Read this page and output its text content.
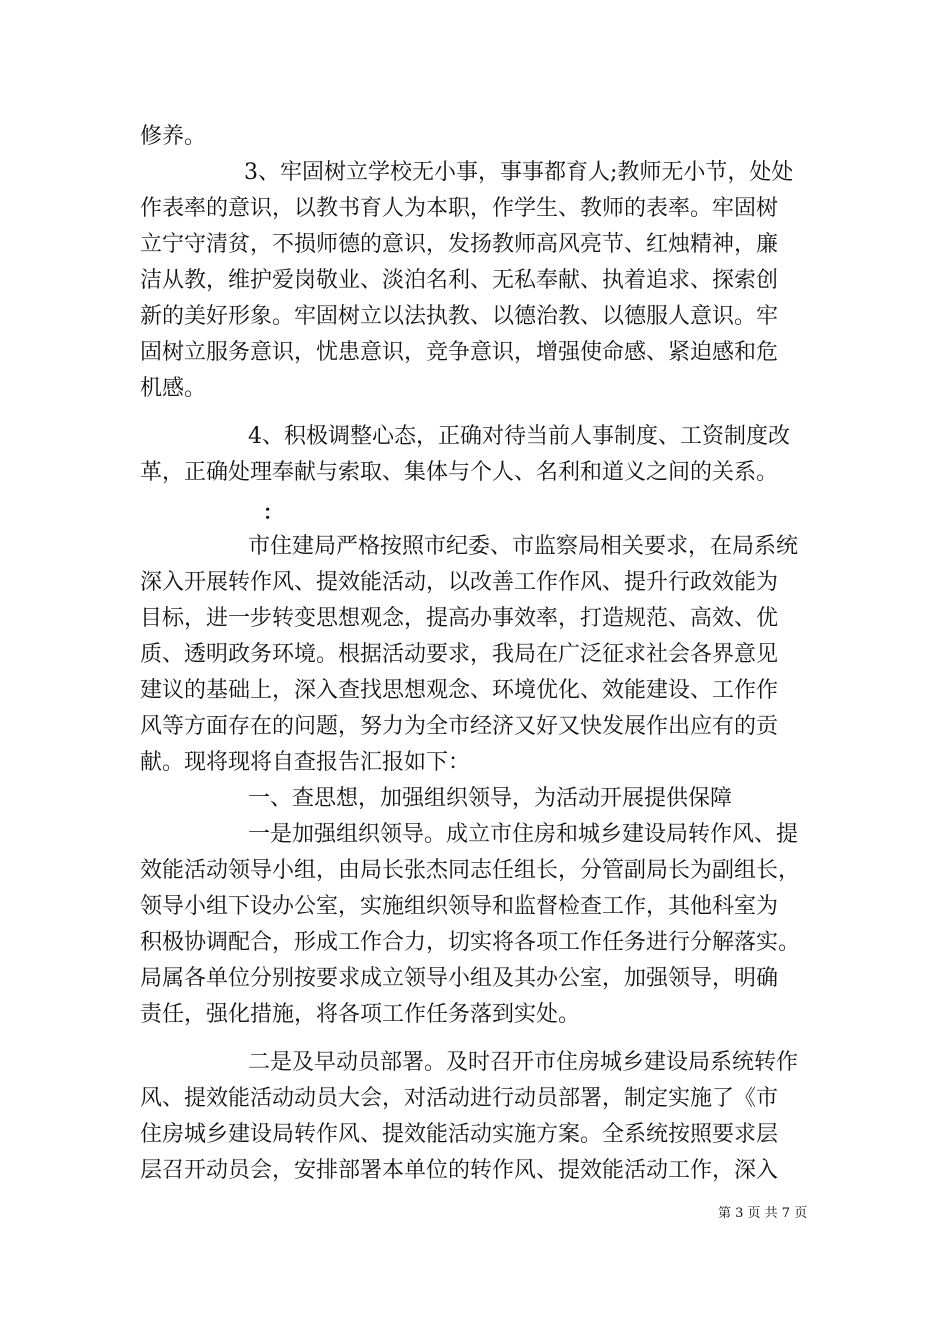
修养。

3、牢固树立学校无小事，事事都育人;教师无小节，处处

作表率的意识，以教书育人为本职，作学生、教师的表率。牢固树

立宁守清贫，不损师德的意识，发扬教师高风亮节、红烛精神，廉

洁从教，维护爱岗敬业、淡泊名利、无私奉献、执着追求、探索创

新的美好形象。牢固树立以法执教、以德治教、以德服人意识。牢

固树立服务意识，忧患意识，竞争意识，增强使命感、紧迫感和危

机感。

4、积极调整心态，正确对待当前人事制度、工资制度改

革，正确处理奉献与索取、集体与个人、名利和道义之间的关系。

：

市住建局严格按照市纪委、市监察局相关要求，在局系统

深入开展转作风、提效能活动，以改善工作作风、提升行政效能为

目标，进一步转变思想观念，提高办事效率，打造规范、高效、优

质、透明政务环境。根据活动要求，我局在广泛征求社会各界意见

建议的基础上，深入查找思想观念、环境优化、效能建设、工作作

风等方面存在的问题，努力为全市经济又好又快发展作出应有的贡

献。现将现将自查报告汇报如下：

一、查思想，加强组织领导，为活动开展提供保障

一是加强组织领导。成立市住房和城乡建设局转作风、提

效能活动领导小组，由局长张杰同志任组长，分管副局长为副组长，

领导小组下设办公室，实施组织领导和监督检查工作，其他科室为

积极协调配合，形成工作合力，切实将各项工作任务进行分解落实。

局属各单位分别按要求成立领导小组及其办公室，加强领导，明确

责任，强化措施，将各项工作任务落到实处。

二是及早动员部署。及时召开市住房城乡建设局系统转作

风、提效能活动动员大会，对活动进行动员部署，制定实施了《市

住房城乡建设局转作风、提效能活动实施方案。全系统按照要求层

层召开动员会，安排部署本单位的转作风、提效能活动工作，深入

第 3 页 共 7 页
